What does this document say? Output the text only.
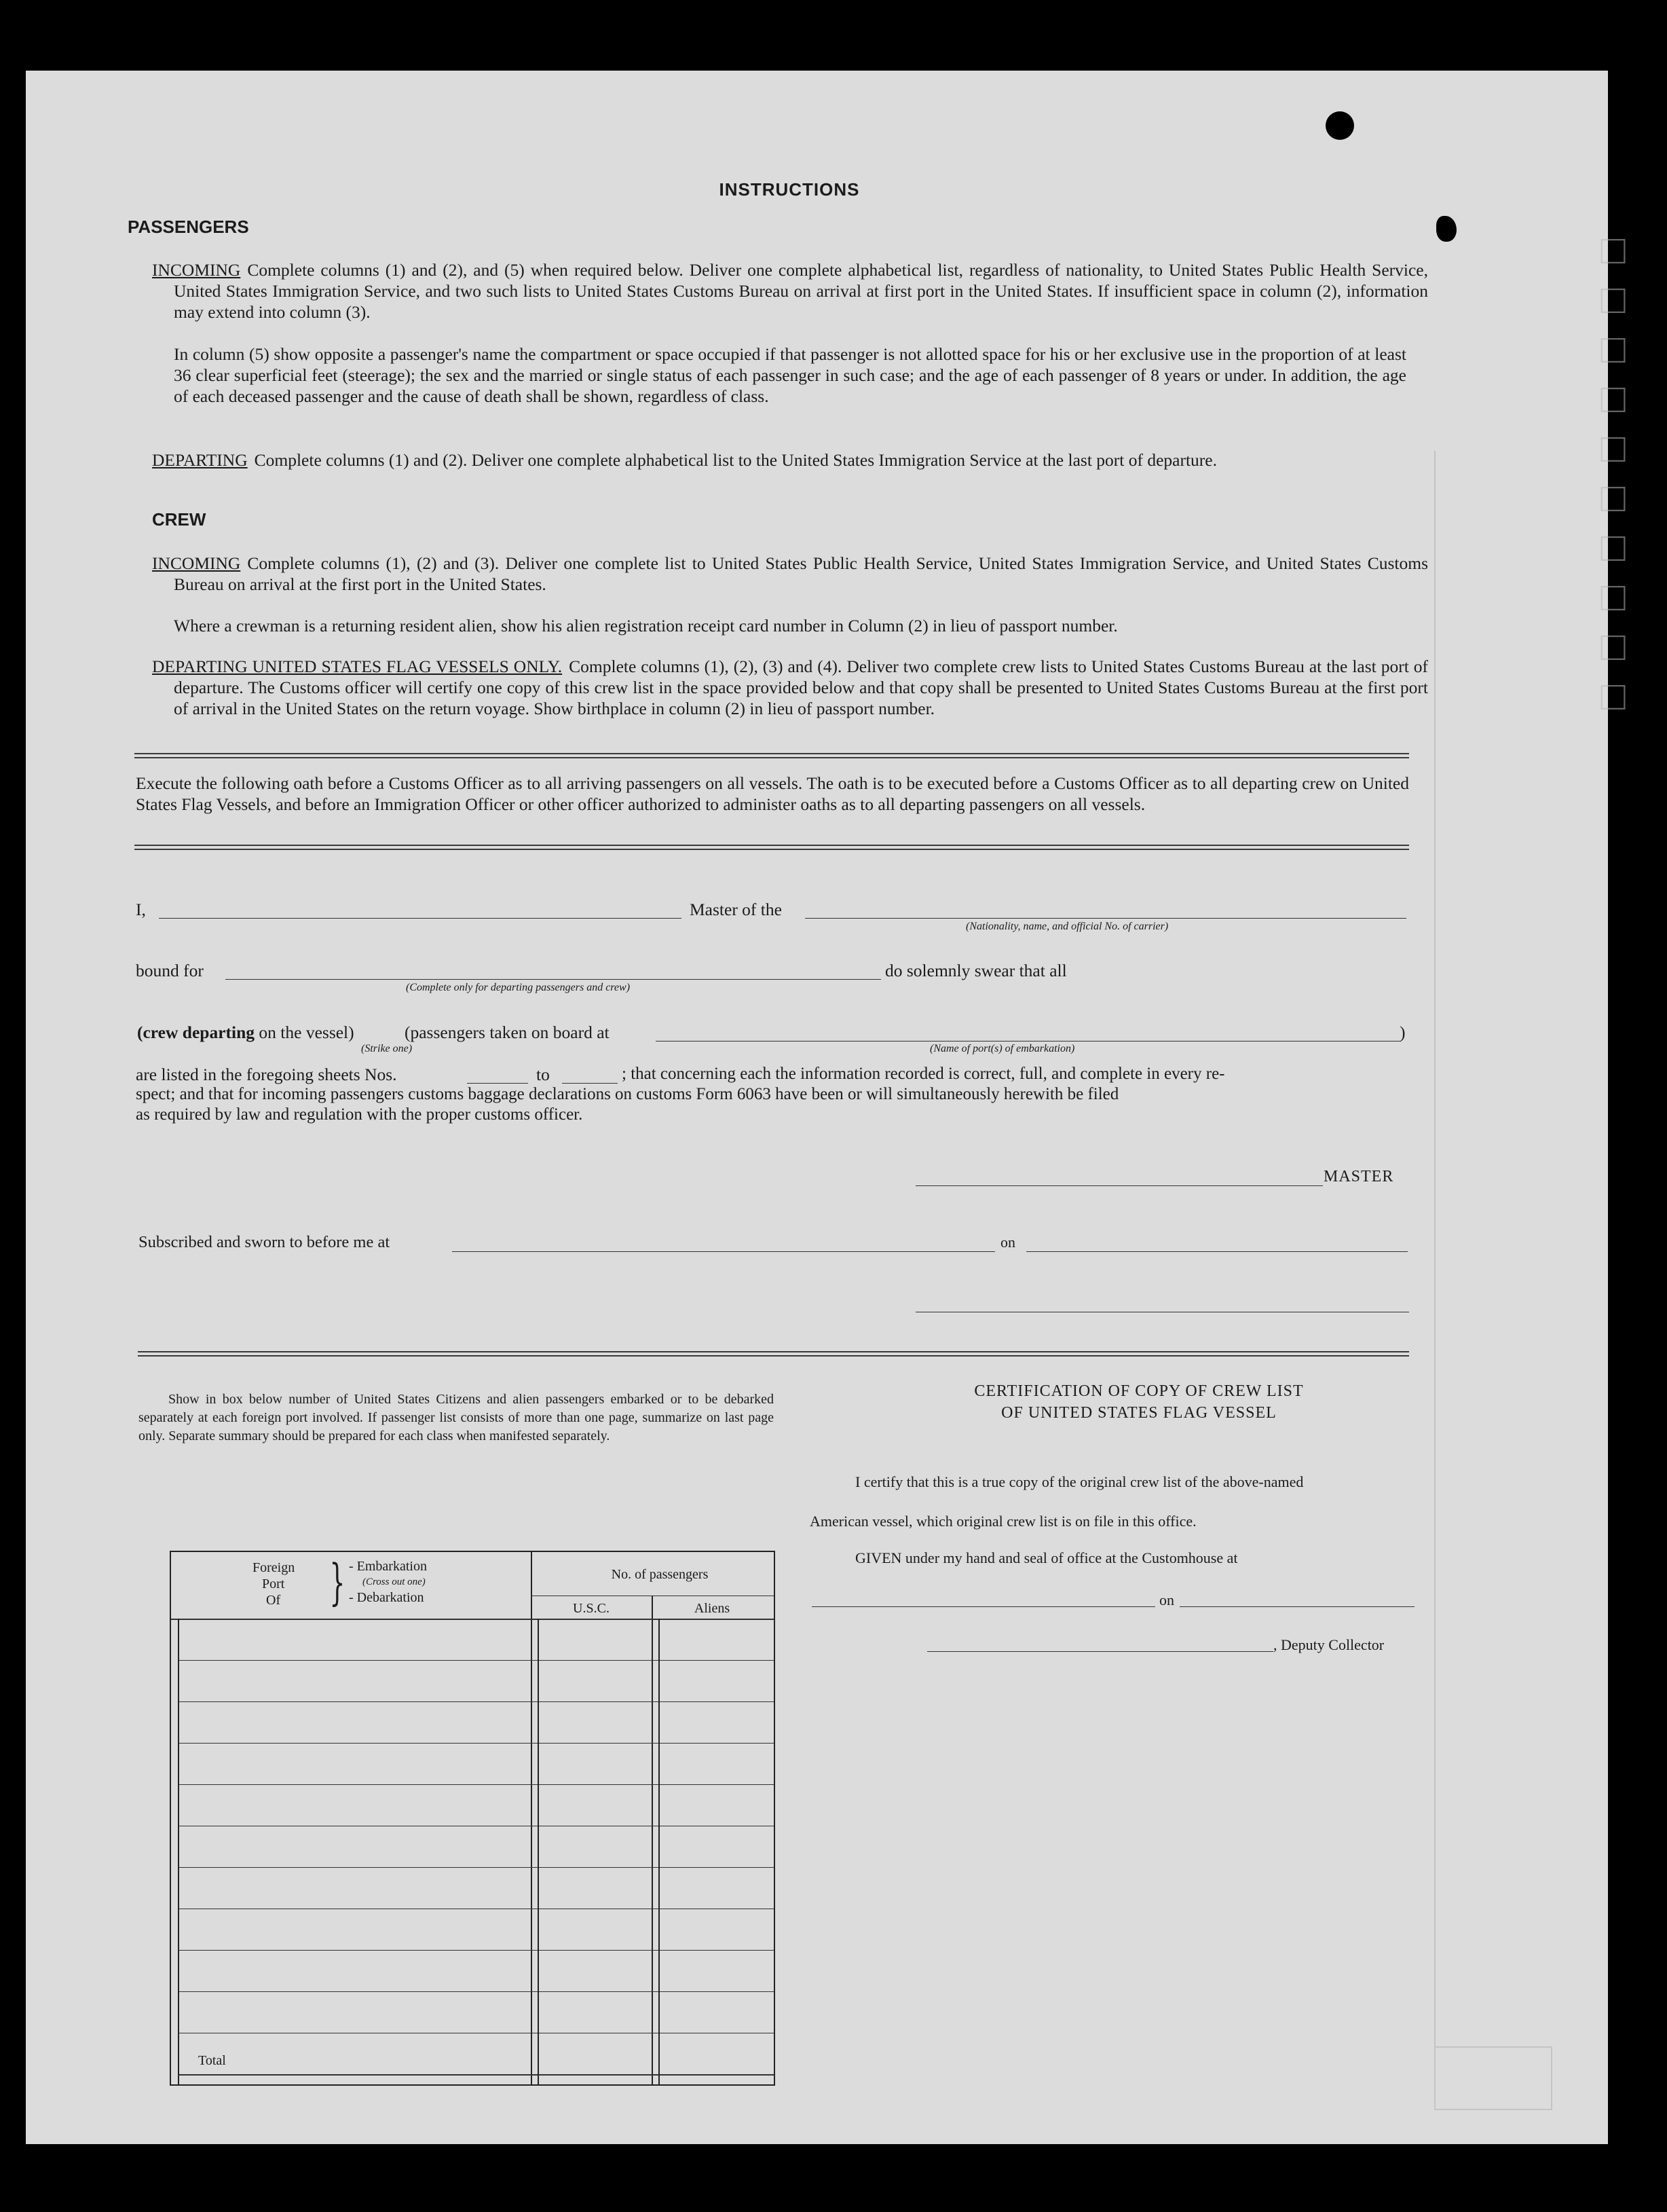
□□□□□□□□□□
INSTRUCTIONS
PASSENGERS
INCOMING Complete columns (1) and (2), and (5) when required below. Deliver one complete alphabetical list, regardless of nationality, to United States Public Health Service, United States Immigration Service, and two such lists to United States Customs Bureau on arrival at first port in the United States. If insufficient space in column (2), information may extend into column (3).
In column (5) show opposite a passenger's name the compartment or space occupied if that passenger is not allotted space for his or her exclusive use in the proportion of at least 36 clear superficial feet (steerage); the sex and the married or single status of each passenger in such case; and the age of each passenger of 8 years or under. In addition, the age of each deceased passenger and the cause of death shall be shown, regardless of class.
DEPARTING Complete columns (1) and (2). Deliver one complete alphabetical list to the United States Immigration Service at the last port of departure.
CREW
INCOMING Complete columns (1), (2) and (3). Deliver one complete list to United States Public Health Service, United States Immigration Service, and United States Customs Bureau on arrival at the first port in the United States.
Where a crewman is a returning resident alien, show his alien registration receipt card number in Column (2) in lieu of passport number.
DEPARTING UNITED STATES FLAG VESSELS ONLY. Complete columns (1), (2), (3) and (4). Deliver two complete crew lists to United States Customs Bureau at the last port of departure. The Customs officer will certify one copy of this crew list in the space provided below and that copy shall be presented to United States Customs Bureau at the first port of arrival in the United States on the return voyage. Show birthplace in column (2) in lieu of passport number.
Execute the following oath before a Customs Officer as to all arriving passengers on all vessels. The oath is to be executed before a Customs Officer as to all departing crew on United States Flag Vessels, and before an Immigration Officer or other officer authorized to administer oaths as to all departing passengers on all vessels.
I,	Master of the
(Nationality, name, and official No. of carrier)
bound for
(Complete only for departing passengers and crew)
do solemnly swear that all
(crew departing on the vessel)	(passengers taken on board at	)
(Strike one)	(Name of port(s) of embarkation)
are listed in the foregoing sheets Nos.	to	; that concerning each the information recorded is correct, full, and complete in every re-
spect; and that for incoming passengers customs baggage declarations on customs Form 6063 have been or will simultaneously herewith be filed
as required by law and regulation with the proper customs officer.
MASTER
Subscribed and sworn to before me at	on
Show in box below number of United States Citizens and alien passengers embarked or to be debarked separately at each foreign port involved. If passenger list consists of more than one page, summarize on last page only. Separate summary should be prepared for each class when manifested separately.
Foreign
Port
Of } - Embarkation
(Cross out one)
- Debarkation
No. of passengers
U.S.C.	Aliens
Total
CERTIFICATION OF COPY OF CREW LIST
OF UNITED STATES FLAG VESSEL
I certify that this is a true copy of the original crew list of the above-named
American vessel, which original crew list is on file in this office.
GIVEN under my hand and seal of office at the Customhouse at
on
, Deputy Collector
